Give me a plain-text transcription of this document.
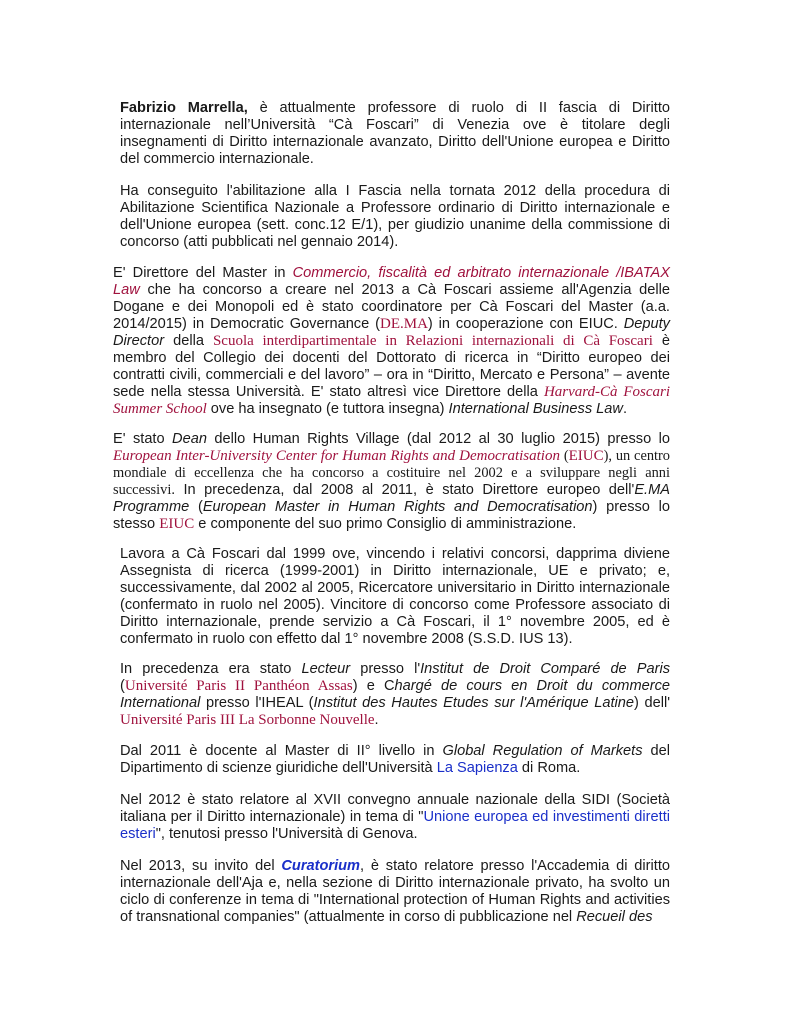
Fabrizio Marrella, è attualmente professore di ruolo di II fascia di Diritto internazionale nell’Università “Cà Foscari” di Venezia ove è titolare degli insegnamenti di Diritto internazionale avanzato, Diritto dell'Unione europea e Diritto del commercio internazionale.

Ha conseguito l'abilitazione alla I Fascia nella tornata 2012 della procedura di Abilitazione Scientifica Nazionale a Professore ordinario di Diritto internazionale e dell'Unione europea (sett. conc.12 E/1), per giudizio unanime della commissione di concorso (atti pubblicati nel gennaio 2014).

E' Direttore del Master in Commercio, fiscalità ed arbitrato internazionale /IBATAX Law che ha concorso a creare nel 2013 a Cà Foscari assieme all'Agenzia delle Dogane e dei Monopoli ed è stato coordinatore per Cà Foscari del Master (a.a. 2014/2015) in Democratic Governance (DE.MA) in cooperazione con EIUC. Deputy Director della Scuola interdipartimentale in Relazioni internazionali di Cà Foscari è membro del Collegio dei docenti del Dottorato di ricerca in “Diritto europeo dei contratti civili, commerciali e del lavoro” – ora in “Diritto, Mercato e Persona” – avente sede nella stessa Università. E' stato altresì vice Direttore della Harvard-Cà Foscari Summer School ove ha insegnato (e tuttora insegna) International Business Law.

E' stato Dean dello Human Rights Village (dal 2012 al 30 luglio 2015) presso lo European Inter-University Center for Human Rights and Democratisation (EIUC), un centro mondiale di eccellenza che ha concorso a costituire nel 2002 e a sviluppare negli anni successivi. In precedenza, dal 2008 al 2011, è stato Direttore europeo dell'E.MA Programme (European Master in Human Rights and Democratisation) presso lo stesso EIUC e componente del suo primo Consiglio di amministrazione.

Lavora a Cà Foscari dal 1999 ove, vincendo i relativi concorsi, dapprima diviene Assegnista di ricerca (1999-2001) in Diritto internazionale, UE e privato; e, successivamente, dal 2002 al 2005, Ricercatore universitario in Diritto internazionale (confermato in ruolo nel 2005). Vincitore di concorso come Professore associato di Diritto internazionale, prende servizio a Cà Foscari, il 1° novembre 2005, ed è confermato in ruolo con effetto dal 1° novembre 2008 (S.S.D. IUS 13).

In precedenza era stato Lecteur presso l'Institut de Droit Comparé de Paris (Université Paris II Panthéon Assas) e Chargé de cours en Droit du commerce International presso l'IHEAL (Institut des Hautes Etudes sur l'Amérique Latine) dell' Université Paris III La Sorbonne Nouvelle.

Dal 2011 è docente al Master di II° livello in Global Regulation of Markets del Dipartimento di scienze giuridiche dell'Università La Sapienza di Roma.

Nel 2012 è stato relatore al XVII convegno annuale nazionale della SIDI (Società italiana per il Diritto internazionale) in tema di "Unione europea ed investimenti diretti esteri", tenutosi presso l'Università di Genova.

Nel 2013, su invito del Curatorium, è stato relatore presso l'Accademia di diritto internazionale dell'Aja e, nella sezione di Diritto internazionale privato, ha svolto un ciclo di conferenze in tema di "International protection of Human Rights and activities of transnational companies" (attualmente in corso di pubblicazione nel Recueil des
